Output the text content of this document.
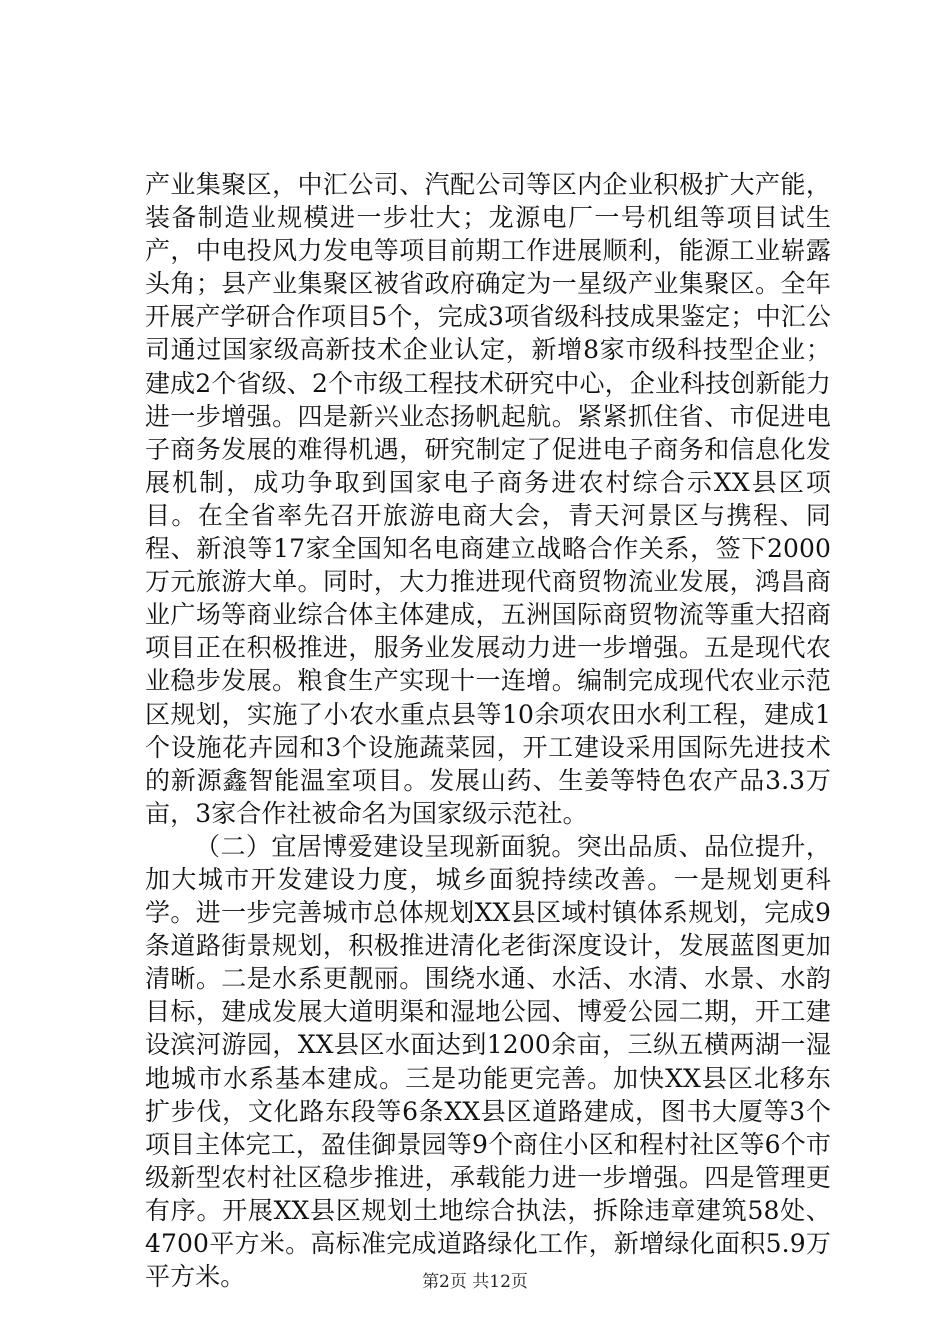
产业集聚区，中汇公司、汽配公司等区内企业积极扩大产能，装备制造业规模进一步壮大；龙源电厂一号机组等项目试生产，中电投风力发电等项目前期工作进展顺利，能源工业崭露头角；县产业集聚区被省政府确定为一星级产业集聚区。全年开展产学研合作项目5个，完成3项省级科技成果鉴定；中汇公司通过国家级高新技术企业认定，新增8家市级科技型企业；建成2个省级、2个市级工程技术研究中心，企业科技创新能力进一步增强。四是新兴业态扬帆起航。紧紧抓住省、市促进电子商务发展的难得机遇，研究制定了促进电子商务和信息化发展机制，成功争取到国家电子商务进农村综合示XX县区项目。在全省率先召开旅游电商大会，青天河景区与携程、同程、新浪等17家全国知名电商建立战略合作关系，签下2000万元旅游大单。同时，大力推进现代商贸物流业发展，鸿昌商业广场等商业综合体主体建成，五洲国际商贸物流等重大招商项目正在积极推进，服务业发展动力进一步增强。五是现代农业稳步发展。粮食生产实现十一连增。编制完成现代农业示范区规划，实施了小农水重点县等10余项农田水利工程，建成1个设施花卉园和3个设施蔬菜园，开工建设采用国际先进技术的新源鑫智能温室项目。发展山药、生姜等特色农产品3.3万亩，3家合作社被命名为国家级示范社。

（二）宜居博爱建设呈现新面貌。突出品质、品位提升，加大城市开发建设力度，城乡面貌持续改善。一是规划更科学。进一步完善城市总体规划XX县区域村镇体系规划，完成9条道路街景规划，积极推进清化老街深度设计，发展蓝图更加清晰。二是水系更靓丽。围绕水通、水活、水清、水景、水韵目标，建成发展大道明渠和湿地公园、博爱公园二期，开工建设滨河游园，XX县区水面达到1200余亩，三纵五横两湖一湿地城市水系基本建成。三是功能更完善。加快XX县区北移东扩步伐，文化路东段等6条XX县区道路建成，图书大厦等3个项目主体完工，盈佳御景园等9个商住小区和程村社区等6个市级新型农村社区稳步推进，承载能力进一步增强。四是管理更有序。开展XX县区规划土地综合执法，拆除违章建筑58处、4700平方米。高标准完成道路绿化工作，新增绿化面积5.9万平方米。	第2页 共12页
